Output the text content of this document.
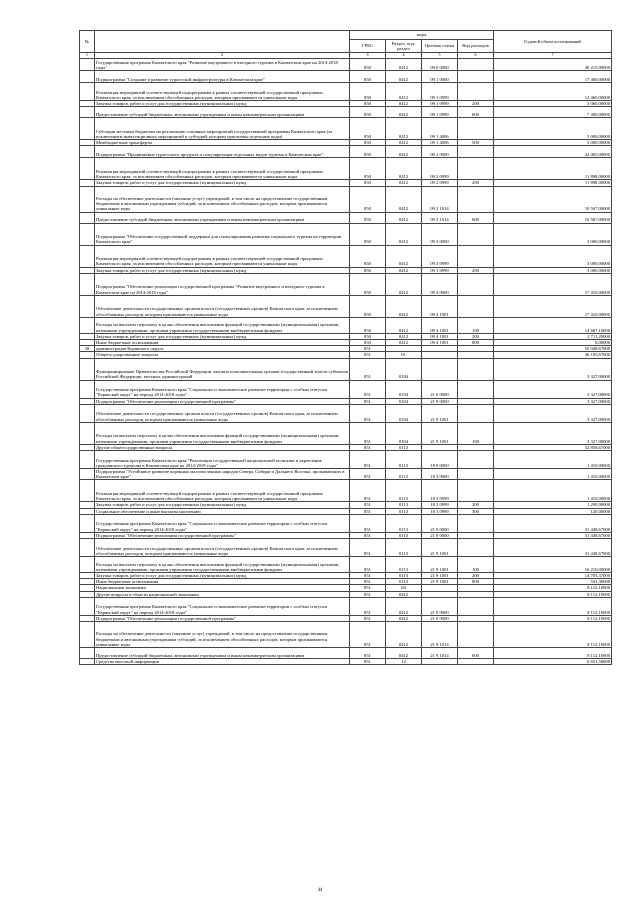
№		коды				Годовой объем ассигнований
		ГРБС	Раздел, под-раздел	Целевая статья	Вид расходов	
1	2	3	4	5	6	7
	Государственная программа Камчатского края "Развитие внутреннего и въездного туризма в Камчатском крае на 2014-2018 годы"	850	0412	09 0 0000		40 215,00000
	Подпрограмма "Создание и развитие туристской инфраструктуры в Камчатском крае"	850	0412	09 1 0000		17 460,00000
	Реализация мероприятий соответствующей подпрограммы в рамках соответствующей государственной программы Камчатского края, за исключением обособленных расходов, которым присваиваются уникальные коды	850	0412	09 1 0999		12 460,00000
	Закупка товаров, работ и услуг для государственных (муниципальных) нужд	850	0412	09 1 0999	200	5 060,00000
	Предоставление субсидий бюджетным, автономным учреждениям и иным некоммерческим организациям	850	0412	09 1 0999	600	7 400,00000
	Субсидии местным бюджетам на реализацию основных мероприятий государственной программы Камчатского края (за исключением инвестиционных мероприятий и субсидий, которым присвоены отдельные коды)	850	0412	09 1 4006		5 000,00000
	Межбюджетные трансферты	850	0412	09 1 4006	500	5 000,00000
	Подпрограмма "Продвижение туристского продукта и популяризация отдельных видов туризма в Камчатском крае"	850	0412	09 2 0000		22 465,00000
	Реализация мероприятий соответствующей подпрограммы в рамках соответствующей государственной программы Камчатского края, за исключением обособленных расходов, которым присваиваются уникальные коды	850	0412	09 2 0999		11 898,00000
	Закупка товаров, работ и услуг для государственных (муниципальных) нужд	850	0412	09 2 0999	200	11 898,00000
	Расходы на обеспечение деятельности (оказание услуг) учреждений, в том числе на предоставление государственным бюджетным и автономным учреждениям субсидий, за исключением обособленных расходов, которым присваиваются уникальные коды	850	0412	09 2 1014		10 567,00000
	Предоставление субсидий бюджетным, автономным учреждениям и иным некоммерческим организациям	850	0412	09 2 1014	600	10 567,00000
	Подпрограмма "Обеспечение государственной поддержки для стимулирования развития социального туризма на территории Камчатского края"	850	0412	09 3 0000		3 000,00000
	Реализация мероприятий соответствующей подпрограммы в рамках соответствующей государственной программы Камчатского края, за исключением обособленных расходов, которым присваиваются уникальные коды	850	0412	09 3 0999		3 000,00000
	Закупка товаров, работ и услуг для государственных (муниципальных) нужд	850	0412	09 3 0999	200	3 000,00000
	Подпрограмма "Обеспечение реализации государственной программы "Развитие внутреннего и въездного туризма в Камчатском крае на 2014-2018 годы"	850	0412	09 4 0000		17 410,00000
	Обеспечение деятельности государственных органов власти (государственных органов) Камчатского края, за исключением обособленных расходов, которым присваиваются уникальные коды	850	0412	09 4 1001		17 410,00000
	Расходы на выплаты персоналу в целях обеспечения выполнения функций государственными (муниципальными) органами, казенными учреждениями, органами управления государственными внебюджетными фондами	850	0412	09 4 1001	100	14 687,10000
	Закупка товаров, работ и услуг для государственных (муниципальных) нужд	850	0412	09 4 1001	200	2 711,29000
	Иные бюджетные ассигнования	850	0412	09 4 1001	800	6,00000
38	администрация Корякского округа	851				50 948,67000
	Общегосударственные вопросы	851	01			36 185,67000
	Функционирование Правительства Российской Федерации, высших исполнительных органов государственной власти субъектов Российской Федерации, местных администраций	851	0104			3 327,00000
	Государственная программа Камчатского края "Социальное и экономическое развитие территории с особым статусом "Корякский округ" на период 2014-2018 годы"	851	0104	21 0 0000		3 327,00000
	Подпрограмма "Обеспечение реализации государственной программы"	851	0104	21 9 0000		3 327,00000
	Обеспечение деятельности государственных органов власти (государственных органов) Камчатского края, за исключением обособленных расходов, которым присваиваются уникальные коды	851	0104	21 9 1001		3 327,00000
	Расходы на выплаты персоналу в целях обеспечения выполнения функций государственными (муниципальными) органами, казенными учреждениями, органами управления государственными внебюджетными фондами	851	0104	21 9 1001	100	3 327,00000
	Другие общегосударственные вопросы	851	0113			32 858,67000
	Государственная программа Камчатского края "Реализация государственной национальной политики и укрепление гражданского единства в Камчатском крае на 2014-2018 годы"	851	0113	18 0 0000		1 410,00000
	Подпрограмма "Устойчивое развитие коренных малочисленных народов Севера, Сибири и Дальнего Востока, проживающих в Камчатском крае"	851	0113	18 3 0000		1 410,00000
	Реализация мероприятий соответствующей подпрограммы в рамках соответствующей государственной программы Камчатского края, за исключением обособленных расходов, которым присваиваются уникальные коды	851	0113	18 3 0999		1 410,00000
	Закупка товаров, работ и услуг для государственных (муниципальных) нужд	851	0113	18 3 0999	200	1 290,00000
	Социальное обеспечение и иные выплаты населению	851	0113	18 3 0999	300	120,00000
	Государственная программа Камчатского края "Социальное и экономическое развитие территории с особым статусом "Корякский округ" на период 2014-2018 годы"	851	0113	21 0 0000		31 448,67000
	Подпрограмма "Обеспечение реализации государственной программы"	851	0113	21 9 0000		31 448,67000
	Обеспечение деятельности государственных органов власти (государственных органов) Камчатского края, за исключением обособленных расходов, которым присваиваются уникальные коды	851	0113	21 9 1001		31 448,67000
	Расходы на выплаты персоналу в целях обеспечения выполнения функций государственными (муниципальными) органами, казенными учреждениями, органами управления государственными внебюджетными фондами	851	0113	21 9 1001	100	16 210,00000
	Закупка товаров, работ и услуг для государственных (муниципальных) нужд	851	0113	21 9 1001	200	14 705,37000
	Иные бюджетные ассигнования	851	0113	21 9 1001	800	533,30000
	Национальная экономика	851	04			8 112,10000
	Другие вопросы в области национальной экономики	851	0412			8 112,10000
	Государственная программа Камчатского края "Социальное и экономическое развитие территории с особым статусом "Корякский округ" на период 2014-2018 годы"	851	0412	21 0 0000		8 112,10000
	Подпрограмма "Обеспечение реализации государственной программы"	851	0412	21 9 0000		8 112,10000
	Расходы на обеспечение деятельности (оказание услуг) учреждений, в том числе на предоставление государственным бюджетным и автономным учреждениям субсидий, за исключением обособленных расходов, которым присваиваются уникальные коды	851	0412	21 9 1014		8 112,10000
	Предоставление субсидий бюджетным, автономным учреждениям и иным некоммерческим организациям	851	0412	21 9 1014	600	8 112,10000
	Средства массовой информации	851	12			6 651,50000
44
